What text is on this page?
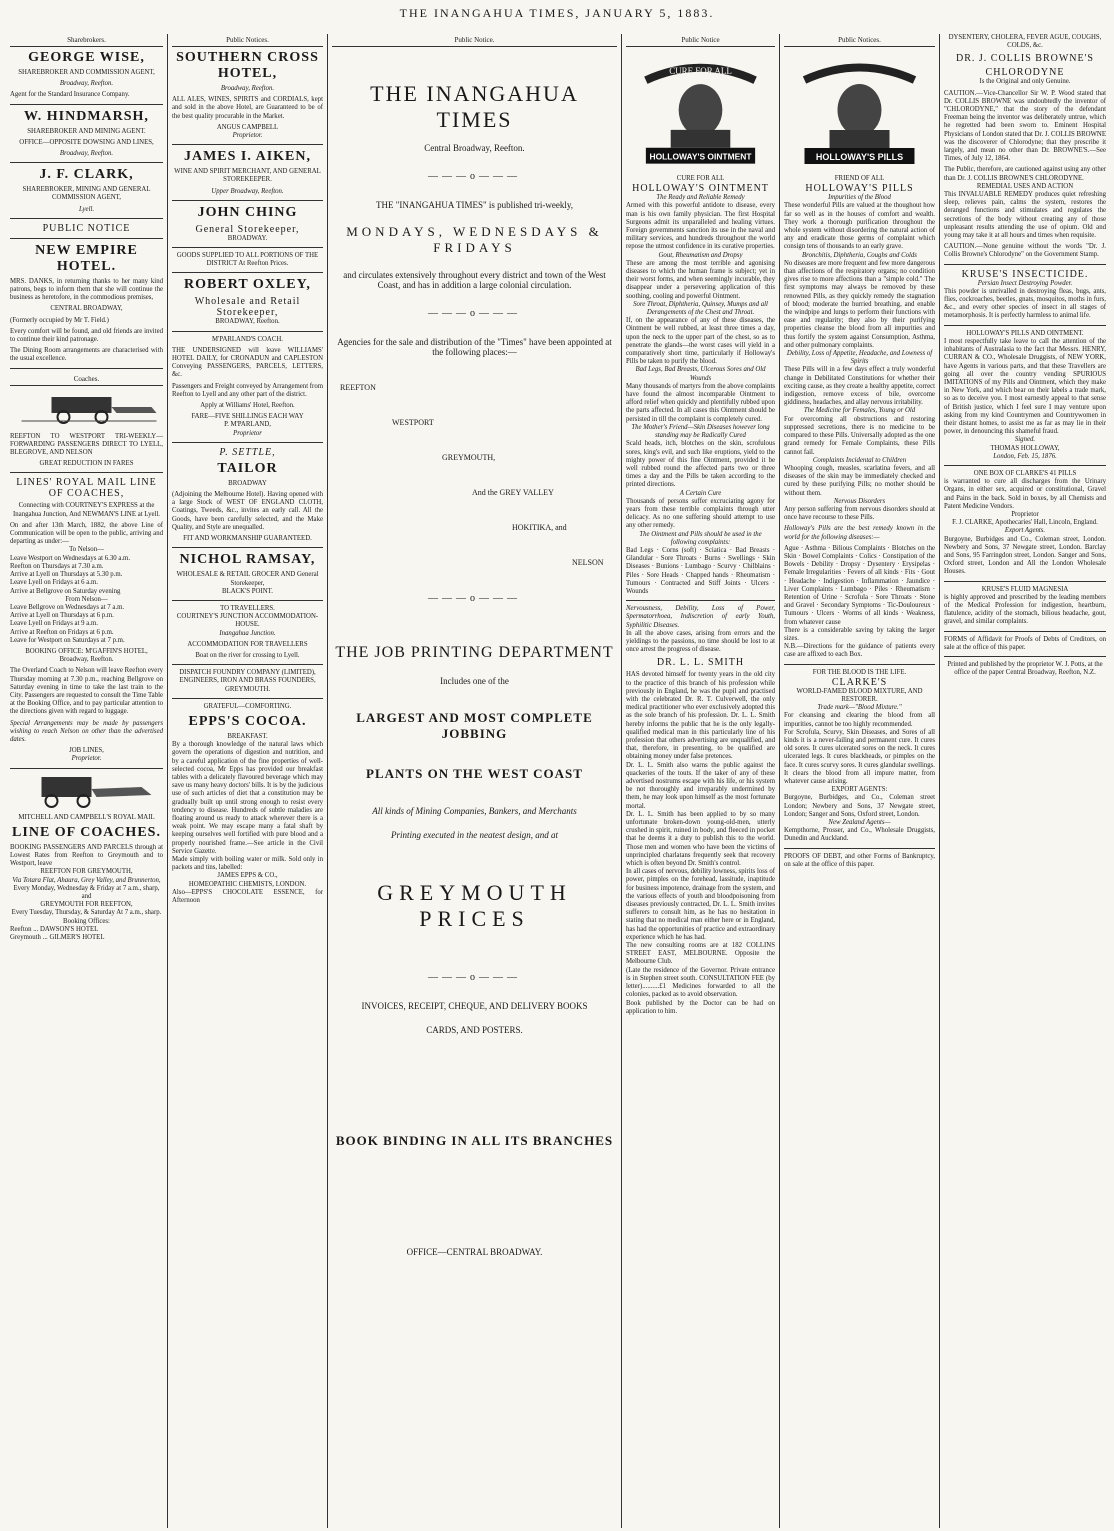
THE INANGAHUA TIMES, JANUARY 5, 1883.
Sharebrokers.
GEORGE WISE,
SHAREBROKER AND COMMISSION AGENT,
Broadway, Reefton.
Agent for the Standard Insurance Company.
W. HINDMARSH,
SHAREBROKER AND MINING AGENT.
OFFICE—OPPOSITE DOWSING AND LINES,
Broadway, Reefton.
J. F. CLARK,
SHAREBROKER, MINING AND GENERAL COMMISSION AGENT,
Lyell.
PUBLIC NOTICE
NEW EMPIRE HOTEL.
MRS. DANKS, in returning thanks to her many kind patrons, begs to inform them that she will continue the business as heretofore, in the commodious premises,
CENTRAL BROADWAY,
(Formerly occupied by Mr T. Field.)
Every comfort will be found, and old friends are invited to continue their kind patronage.
The Dining Room arrangements are characterised with the usual excellence.
Coaches.
REEFTON TO WESTPORT TRI-WEEKLY—FORWARDING PASSENGERS DIRECT TO LYELL, BLEGROVE, AND NELSON
GREAT REDUCTION IN FARES
LINES' ROYAL MAIL LINE OF COACHES,
Connecting with COURTNEY'S EXPRESS at the Inangahua Junction, And NEWMAN'S LINE at Lyell.
On and after 13th March, 1882, the above Line of Communication will be open to the public, arriving and departing as under:—
To Nelson—
Leave Westport on Wednesdays at 6.30 a.m.
Reefton on Thursdays at 7.30 a.m.
Arrive at Lyell on Thursdays at 5.30 p.m.
Leave Lyell on Fridays at 6 a.m.
Arrive at Bellgrove on Saturday evening
From Nelson—
Leave Bellgrove on Wednesdays at 7 a.m.
Arrive at Lyell on Thursdays at 6 p.m.
Leave Lyell on Fridays at 9 a.m.
Arrive at Reefton on Fridays at 6 p.m.
Leave for Westport on Saturdays at 7 p.m.
BOOKING OFFICE: M'GAFFIN'S HOTEL, Broadway, Reefton.
The Overland Coach to Nelson will leave Reefton every Thursday morning at 7.30 p.m., reaching Bellgrove on Saturday evening in time to take the last train to the City. Passengers are requested to consult the Time Table at the Booking Office, and to pay particular attention to the directions given with regard to luggage.
Special Arrangements may be made by passengers wishing to reach Nelson on other than the advertised dates.
JOB LINES,
Proprietor.
MITCHELL AND CAMPBELL'S ROYAL MAIL
LINE OF COACHES.
BOOKING PASSENGERS AND PARCELS through at Lowest Rates from Reefton to Greymouth and to Westport, leave
REEFTON FOR GREYMOUTH,
Via Totara Flat, Ahaura, Grey Valley, and Brunnerton,
Every Monday, Wednesday & Friday at 7 a.m., sharp, and
GREYMOUTH FOR REEFTON,
Every Tuesday, Thursday, & Saturday At 7 a.m., sharp.
Booking Offices:
Reefton ... DAWSON'S HOTEL
Greymouth ... GILMER'S HOTEL
Public Notices.
SOUTHERN CROSS HOTEL,
Broadway, Reefton.
ALL ALES, WINES, SPIRITS and CORDIALS, kept and sold in the above Hotel, are Guaranteed to be of the best quality procurable in the Market.
ANGUS CAMPBELL
Proprietor.
JAMES I. AIKEN,
WINE AND SPIRIT MERCHANT, AND GENERAL STOREKEEPER.
Upper Broadway, Reefton.
JOHN CHING
General Storekeeper,
BROADWAY.
GOODS SUPPLIED TO ALL PORTIONS OF THE DISTRICT At Reefton Prices.
ROBERT OXLEY,
Wholesale and Retail Storekeeper,
BROADWAY, Reefton.
M'PARLAND'S COACH.
THE UNDERSIGNED will leave WILLIAMS' HOTEL DAILY, for CRONADUN and CAPLESTON Conveying PASSENGERS, PARCELS, LETTERS, &c.
Passengers and Freight conveyed by Arrangement from Reefton to Lyell and any other part of the district.
Apply at Williams' Hotel, Reefton.
FARE—FIVE SHILLINGS EACH WAY
P. M'PARLAND,
Proprietor
P. SETTLE,
TAILOR
BROADWAY
(Adjoining the Melbourne Hotel). Having opened with a large Stock of WEST OF ENGLAND CLOTH, Coatings, Tweeds, &c., invites an early call. All the Goods, have been carefully selected, and the Make Quality, and Style are unequalled.
FIT AND WORKMANSHIP GUARANTEED.
NICHOL RAMSAY,
WHOLESALE & RETAIL GROCER AND General Storekeeper,
BLACK'S POINT.
TO TRAVELLERS.
COURTNEY'S JUNCTION ACCOMMODATION-HOUSE.
Inangahua Junction.
ACCOMMODATION FOR TRAVELLERS
Boat on the river for crossing to Lyell.
DISPATCH FOUNDRY COMPANY (LIMITED), ENGINEERS, IRON AND BRASS FOUNDERS, GREYMOUTH.
GRATEFUL—COMFORTING.
EPPS'S COCOA.
BREAKFAST.
By a thorough knowledge of the natural laws which govern the operations of digestion and nutrition, and by a careful application of the fine properties of well-selected cocoa, Mr Epps has provided our breakfast tables with a delicately flavoured beverage which may save us many heavy doctors' bills. It is by the judicious use of such articles of diet that a constitution may be gradually built up until strong enough to resist every tendency to disease. Hundreds of subtle maladies are floating around us ready to attack wherever there is a weak point. We may escape many a fatal shaft by keeping ourselves well fortified with pure blood and a properly nourished frame.—See article in the Civil Service Gazette.
Made simply with boiling water or milk. Sold only in packets and tins, labelled:
JAMES EPPS & CO.,
HOMEOPATHIC CHEMISTS, LONDON.
Also—EPPS'S CHOCOLATE ESSENCE, for Afternoon
Public Notice.
THE INANGAHUA TIMES
Central Broadway, Reefton.
―――o―――
THE "INANGAHUA TIMES" is published tri-weekly,
MONDAYS, WEDNESDAYS & FRIDAYS
and circulates extensively throughout every district and town of the West Coast, and has in addition a large colonial circulation.
―――o―――
Agencies for the sale and distribution of the "Times" have been appointed at the following places:—
REEFTON
WESTPORT
GREYMOUTH,
And the GREY VALLEY
HOKITIKA, and
NELSON
―――o―――
THE JOB PRINTING DEPARTMENT
Includes one of the
LARGEST AND MOST COMPLETE JOBBING
PLANTS ON THE WEST COAST
All kinds of Mining Companies, Bankers, and Merchants
Printing executed in the neatest design, and at
GREYMOUTH PRICES
―――o―――
INVOICES, RECEIPT, CHEQUE, AND DELIVERY BOOKS
CARDS, AND POSTERS.
BOOK BINDING IN ALL ITS BRANCHES
OFFICE—CENTRAL BROADWAY.
Public Notice
CURE FOR ALL
HOLLOWAY'S OINTMENT
CURE FOR ALL
HOLLOWAY'S OINTMENT
The Ready and Reliable Remedy
Armed with this powerful antidote to disease, every man is his own family physician. The first Hospital Surgeons admit its unparalleled and healing virtues. Foreign governments sanction its use in the naval and military services, and hundreds throughout the world repose the utmost confidence in its curative properties.
Gout, Rheumatism and Dropsy
These are among the most terrible and agonising diseases to which the human frame is subject; yet in their worst forms, and when seemingly incurable, they disappear under a persevering application of this soothing, cooling and powerful Ointment.
Sore Throat, Diphtheria, Quinsey, Mumps and all Derangements of the Chest and Throat.
If, on the appearance of any of these diseases, the Ointment be well rubbed, at least three times a day, upon the neck to the upper part of the chest, so as to penetrate the glands—the worst cases will yield in a comparatively short time, particularly if Holloway's Pills be taken to purify the blood.
Bad Legs, Bad Breasts, Ulcerous Sores and Old Wounds
Many thousands of martyrs from the above complaints have found the almost incomparable Ointment to afford relief when quickly and plentifully rubbed upon the parts affected. In all cases this Ointment should be persisted in till the complaint is completely cured.
The Mother's Friend—Skin Diseases however long standing may be Radically Cured
Scald heads, itch, blotches on the skin, scrofulous sores, king's evil, and such like eruptions, yield to the mighty power of this fine Ointment, provided it be well rubbed round the affected parts two or three times a day and the Pills be taken according to the printed directions.
A Certain Cure
Thousands of persons suffer excruciating agony for years from these terrible complaints through utter delicacy. As no one suffering should attempt to use any other remedy.
The Ointment and Pills should be used in the following complaints:
Bad Legs · Corns (soft) · Sciatica · Bad Breasts · Glandular · Sore Throats · Burns · Swellings · Skin Diseases · Bunions · Lumbago · Scurvy · Chilblains · Piles · Sore Heads · Chapped hands · Rheumatism · Tumours · Contracted and Stiff Joints · Ulcers · Wounds
Nervousness, Debility, Loss of Power, Spermatorrhoea, Indiscretion of early Youth, Syphilitic Diseases.
In all the above cases, arising from errors and the yieldings to the passions, no time should be lost to at once arrest the progress of disease.
DR. L. L. SMITH
HAS devoted himself for twenty years in the old city to the practice of this branch of his profession while previously in England, he was the pupil and practised with the celebrated Dr. R. T. Culverwell, the only medical practitioner who ever exclusively adopted this as the sole branch of his profession. Dr. L. L. Smith hereby informs the public that he is the only legally-qualified medical man in this particularly line of his profession that others advertising are unqualified, and that, therefore, in presenting, to be qualified are obtaining money under false pretences.
Dr. L. L. Smith also warns the public against the quackeries of the touts. If the taker of any of these advertised nostrums escape with his life, or his system be not thoroughly and irreparably undermined by them, he may look upon himself as the most fortunate mortal.
Dr. L. L. Smith has been applied to by so many unfortunate broken-down young-old-men, utterly crushed in spirit, ruined in body, and fleeced in pocket that he deems it a duty to publish this to the world. Those men and women who have been the victims of unprincipled charlatans frequently seek that recovery which is often beyond Dr. Smith's control.
In all cases of nervous, debility lowness, spirits loss of power, pimples on the forehead, lassitude, inaptitude for business impotence, drainage from the system, and the various effects of youth and bloodpoisoning from diseases previously contracted, Dr. L. L. Smith invites sufferers to consult him, as he has no hesitation in stating that no medical man either here or in England, has had the opportunities of practice and extraordinary experience which he has had.
The new consulting rooms are at 182 COLLINS STREET EAST, MELBOURNE. Opposite the Melbourne Club.
(Late the residence of the Governor. Private entrance is in Stephen street south. CONSULTATION FEE (by letter)..........£1 Medicines forwarded to all the colonies, packed as to avoid observation.
Book published by the Doctor can be had on application to him.
Public Notices.
HOLLOWAY'S PILLS
FRIEND OF ALL
HOLLOWAY'S PILLS
Impurities of the Blood
These wonderful Pills are valued at the thoughout how far so well as in the houses of comfort and wealth. They work a thorough purification throughout the whole system without disordering the natural action of any and eradicate those germs of complaint which consign tens of thousands to an early grave.
Bronchitis, Diphtheria, Coughs and Colds
No diseases are more frequent and few more dangerous than affections of the respiratory organs; no condition gives rise to more affections than a "simple cold." The first symptoms may always be removed by these renowned Pills, as they quickly remedy the stagnation of blood; moderate the hurried breathing, and enable the windpipe and lungs to perform their functions with ease and regularity; they also by their purifying properties cleanse the blood from all impurities and thus fortify the system against Consumption, Asthma, and other pulmonary complaints.
Debility, Loss of Appetite, Headache, and Lowness of Spirits
These Pills will in a few days effect a truly wonderful change in Debilitated Constitutions for whether their exciting cause, as they create a healthy appetite, correct indigestion, remove excess of bile, overcome giddiness, headaches, and allay nervous irritability.
The Medicine for Females, Young or Old
For overcoming all obstructions and restoring suppressed secretions, there is no medicine to be compared to these Pills. Universally adopted as the one grand remedy for Female Complaints, these Pills cannot fail.
Complaints Incidental to Children
Whooping cough, measles, scarlatina fevers, and all diseases of the skin may be immediately checked and cured by these purifying Pills; no mother should be without them.
Nervous Disorders
Any person suffering from nervous disorders should at once have recourse to these Pills.
Holloway's Pills are the best remedy known in the world for the following diseases:—
Ague · Asthma · Bilious Complaints · Blotches on the Skin · Bowel Complaints · Colics · Constipation of the Bowels · Debility · Dropsy · Dysentery · Erysipelas · Female Irregularities · Fevers of all kinds · Fits · Gout · Headache · Indigestion · Inflammation · Jaundice · Liver Complaints · Lumbago · Piles · Rheumatism · Retention of Urine · Scrofula · Sore Throats · Stone and Gravel · Secondary Symptoms · Tic-Douloureux · Tumours · Ulcers · Worms of all kinds · Weakness, from whatever cause
There is a considerable saving by taking the larger sizes.
N.B.—Directions for the guidance of patients every case are affixed to each Box.
FOR THE BLOOD IS THE LIFE.
CLARKE'S
WORLD-FAMED BLOOD MIXTURE, AND RESTORER.
Trade mark—"Blood Mixture."
For cleansing and clearing the blood from all impurities, cannot be too highly recommended.
For Scrofula, Scurvy, Skin Diseases, and Sores of all kinds it is a never-failing and permanent cure. It cures old sores. It cures ulcerated sores on the neck. It cures ulcerated legs. It cures blackheads, or pimples on the face. It cures scurvy sores. It cures glandular swellings. It clears the blood from all impure matter, from whatever cause arising.
EXPORT AGENTS:
Burgoyne, Burbidges, and Co., Coleman street London; Newbery and Sons, 37 Newgate street, London; Sanger and Sons, Oxford street, London.
New Zealand Agents—
Kempthorne, Prosser, and Co., Wholesale Druggists, Dunedin and Auckland.
PROOFS OF DEBT, and other Forms of Bankruptcy, on sale at the office of this paper.
DYSENTERY, CHOLERA, FEVER AGUE, COUGHS, COLDS, &c.
DR. J. COLLIS BROWNE'S
CHLORODYNE
Is the Original and only Genuine.
CAUTION.—Vice-Chancellor Sir W. P. Wood stated that Dr. COLLIS BROWNE was undoubtedly the inventor of "CHLORODYNE," that the story of the defendant Freeman being the inventor was deliberately untrue, which he regretted had been sworn to. Eminent Hospital Physicians of London stated that Dr. J. COLLIS BROWNE was the discoverer of Chlorodyne; that they prescribe it largely, and mean no other than Dr. BROWNE'S.—See Times, of July 12, 1864.
The Public, therefore, are cautioned against using any other than Dr. J. COLLIS BROWNE'S CHLORODYNE.
REMEDIAL USES AND ACTION
This INVALUABLE REMEDY produces quiet refreshing sleep, relieves pain, calms the system, restores the deranged functions and stimulates and regulates the secretions of the body without creating any of those unpleasant results attending the use of opium. Old and young may take it at all hours and times when requisite.
CAUTION.—None genuine without the words "Dr. J. Collis Browne's Chlorodyne" on the Government Stamp.
KRUSE'S INSECTICIDE.
Persian Insect Destroying Powder.
This powder is unrivalled in destroying fleas, bugs, ants, flies, cockroaches, beetles, gnats, mosquitos, moths in furs, &c., and every other species of insect in all stages of metamorphosis. It is perfectly harmless to animal life.
HOLLOWAY'S PILLS AND OINTMENT.
I most respectfully take leave to call the attention of the inhabitants of Australasia to the fact that Messrs. HENRY, CURRAN & CO., Wholesale Druggists, of NEW YORK, have Agents in various parts, and that these Travellers are going all over the country vending SPURIOUS IMITATIONS of my Pills and Ointment, which they make in New York, and which bear on their labels a trade mark, so as to deceive you. I most earnestly appeal to that sense of British justice, which I feel sure I may venture upon asking from my kind Countrymen and Countrywomen in their distant homes, to assist me as far as may lie in their power, in denouncing this shameful fraud.
Signed.
THOMAS HOLLOWAY,
London, Feb. 15, 1876.
ONE BOX OF CLARKE'S 41 PILLS
is warranted to cure all discharges from the Urinary Organs, in either sex, acquired or constitutional, Gravel and Pains in the back. Sold in boxes, by all Chemists and Patent Medicine Vendors.
Proprietor
F. J. CLARKE, Apothecaries' Hall, Lincoln, England.
Export Agents.
Burgoyne, Burbidges and Co., Coleman street, London. Newbery and Sons, 37 Newgate street, London. Barclay and Sons, 95 Farringdon street, London. Sanger and Sons, Oxford street, London and All the London Wholesale Houses.
KRUSE'S FLUID MAGNESIA
is highly approved and prescribed by the leading members of the Medical Profession for indigestion, heartburn, flatulence, acidity of the stomach, bilious headache, gout, gravel, and similar complaints.
FORMS of Affidavit for Proofs of Debts of Creditors, on sale at the office of this paper.
Printed and published by the proprietor W. J. Potts, at the office of the paper Central Broadway, Reefton, N.Z.
